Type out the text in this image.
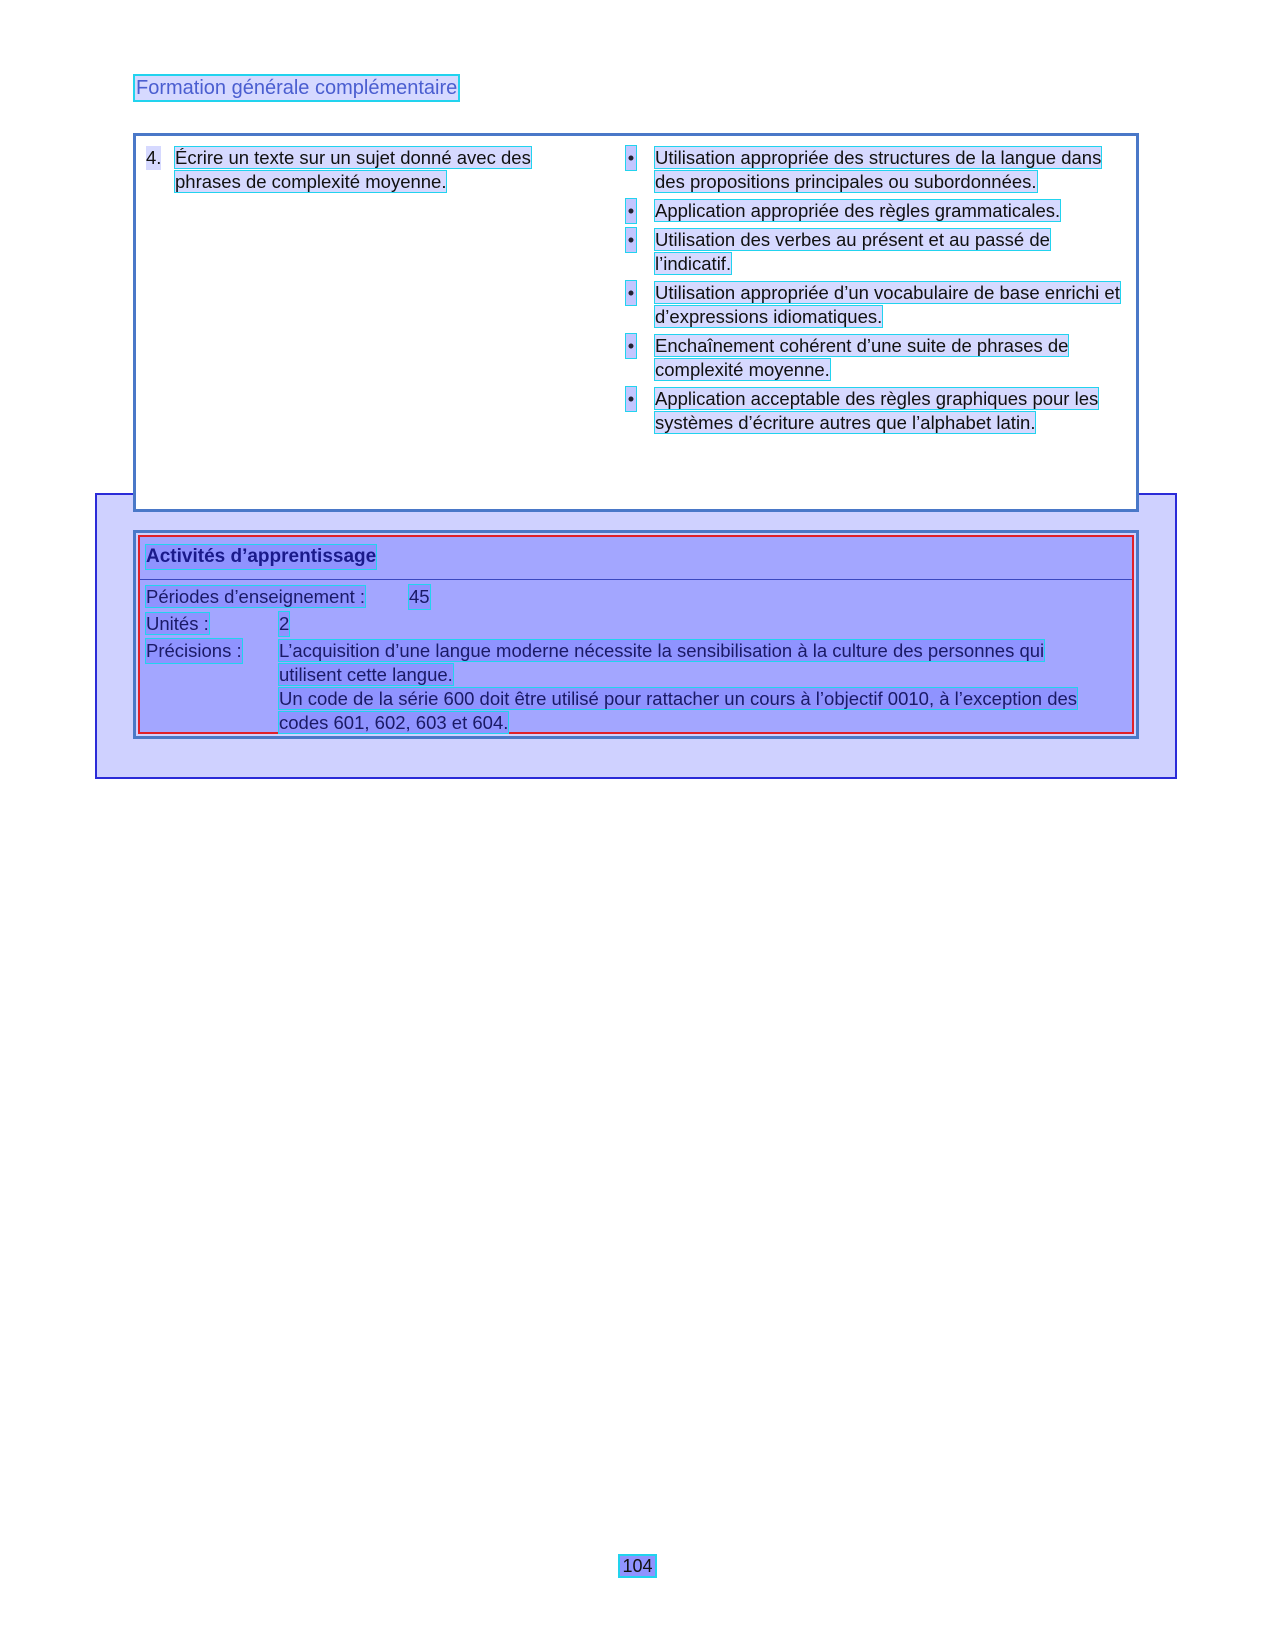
Formation générale complémentaire
4. Écrire un texte sur un sujet donné avec des
phrases de complexité moyenne.
• Utilisation appropriée des structures de la langue dans des propositions principales ou subordonnées.
• Application appropriée des règles grammaticales.
• Utilisation des verbes au présent et au passé de l’indicatif.
• Utilisation appropriée d’un vocabulaire de base enrichi et d’expressions idiomatiques.
• Enchaînement cohérent d’une suite de phrases de complexité moyenne.
• Application acceptable des règles graphiques pour les systèmes d’écriture autres que l’alphabet latin.
Activités d’apprentissage
Périodes d’enseignement : 45
Unités :	2
Précisions : L’acquisition d’une langue moderne nécessite la sensibilisation à la culture des personnes qui utilisent cette langue.
Un code de la série 600 doit être utilisé pour rattacher un cours à l’objectif 0010, à l’exception des codes 601, 602, 603 et 604.
104
